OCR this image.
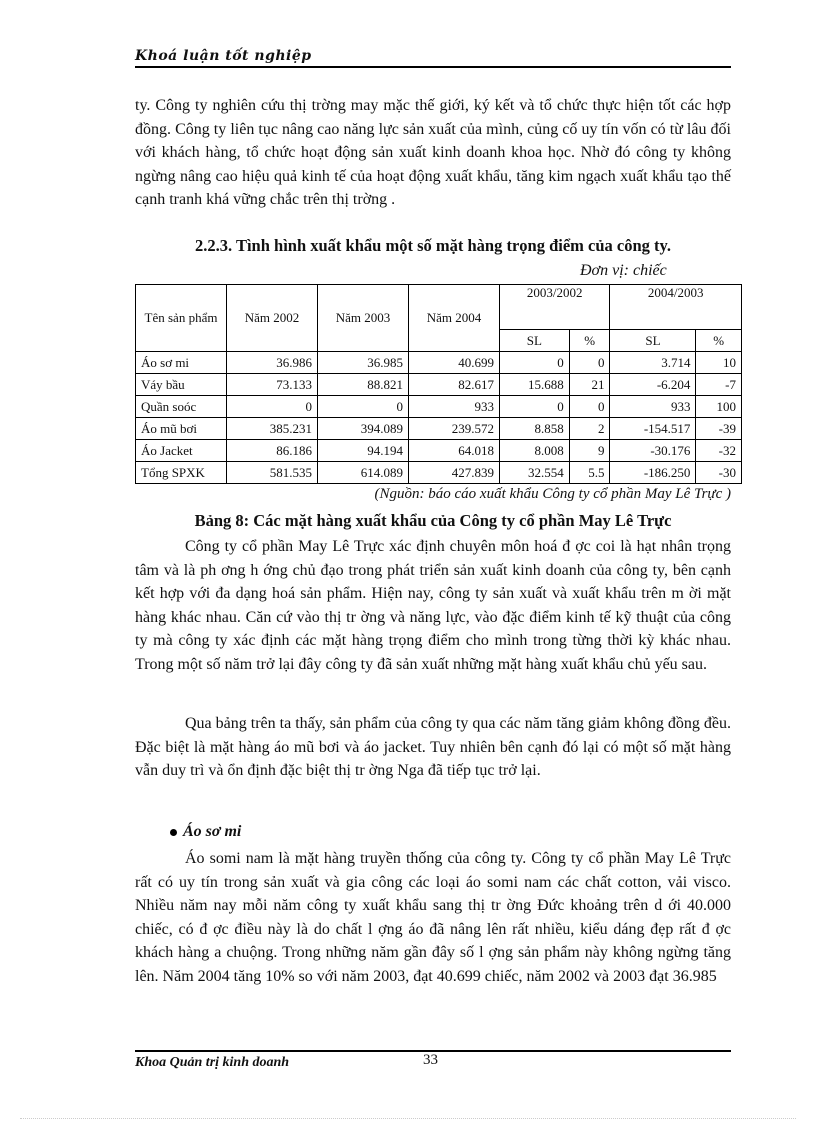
Khoá luận tốt nghiệp

ty. Công ty nghiên cứu thị trờng may mặc thế giới, ký kết và tổ chức thực hiện tốt các hợp đồng. Công ty liên tục nâng cao năng lực sản xuất của mình, củng cố uy tín vốn có từ lâu đối với khách hàng, tổ chức hoạt động sản xuất kinh doanh khoa học. Nhờ đó công ty không ngừng nâng cao hiệu quả kinh tế của hoạt động xuất khẩu, tăng kim ngạch xuất khẩu tạo thế cạnh tranh khá vững chắc trên thị trờng .

2.2.3. Tình hình xuất khẩu một số mặt hàng trọng điểm của công ty.

Đơn vị: chiếc
Tên sản phẩm	Năm 2002	Năm 2003	Năm 2004	2003/2002		2004/2003	
				SL	%	SL	%
Áo sơ mi	36.986	36.985	40.699	0	0	3.714	10
Váy bầu	73.133	88.821	82.617	15.688	21	-6.204	-7
Quần soóc	0	0	933	0	0	933	100
Áo mũ bơi	385.231	394.089	239.572	8.858	2	-154.517	-39
Áo Jacket	86.186	94.194	64.018	8.008	9	-30.176	-32
Tổng SPXK	581.535	614.089	427.839	32.554	5.5	-186.250	-30
(Nguồn: báo cáo xuất khẩu Công ty cổ phần May Lê Trực )
Bảng 8: Các mặt hàng xuất khẩu của Công ty cổ phần May Lê Trực

Công ty cổ phần May Lê Trực xác định chuyên môn hoá đ ợc coi là hạt nhân trọng tâm và là ph ơng h ớng chủ đạo trong phát triển sản xuất kinh doanh của công ty, bên cạnh kết hợp với đa dạng hoá sản phẩm. Hiện nay, công ty sản xuất và xuất khẩu trên m ời mặt hàng khác nhau. Căn cứ vào thị tr ờng và năng lực, vào đặc điểm kinh tế kỹ thuật của công ty mà công ty xác định các mặt hàng trọng điểm cho mình trong từng thời kỳ khác nhau. Trong một số năm trở lại đây công ty đã sản xuất những mặt hàng xuất khẩu chủ yếu sau.

Qua bảng trên ta thấy, sản phẩm của công ty qua các năm tăng giảm không đồng đều. Đặc biệt là mặt hàng áo mũ bơi và áo jacket. Tuy nhiên bên cạnh đó lại có một số mặt hàng vẫn duy trì và ổn định đặc biệt thị tr ờng Nga đã tiếp tục trở lại.

Áo sơ mi

Áo somi nam là mặt hàng truyền thống của công ty. Công ty cổ phần May Lê Trực rất có uy tín trong sản xuất và gia công các loại áo somi nam các chất cotton, vải visco. Nhiều năm nay mỗi năm công ty xuất khẩu sang thị tr ờng Đức khoảng trên d ới 40.000 chiếc, có đ ợc điều này là do chất l ợng áo đã nâng lên rất nhiều, kiểu dáng đẹp rất đ ợc khách hàng a chuộng. Trong những năm gần đây số l ợng sản phẩm này không ngừng tăng lên. Năm 2004 tăng 10% so với năm 2003, đạt 40.699 chiếc, năm 2002 và 2003 đạt 36.985

Khoa Quản trị kinh doanh	33
